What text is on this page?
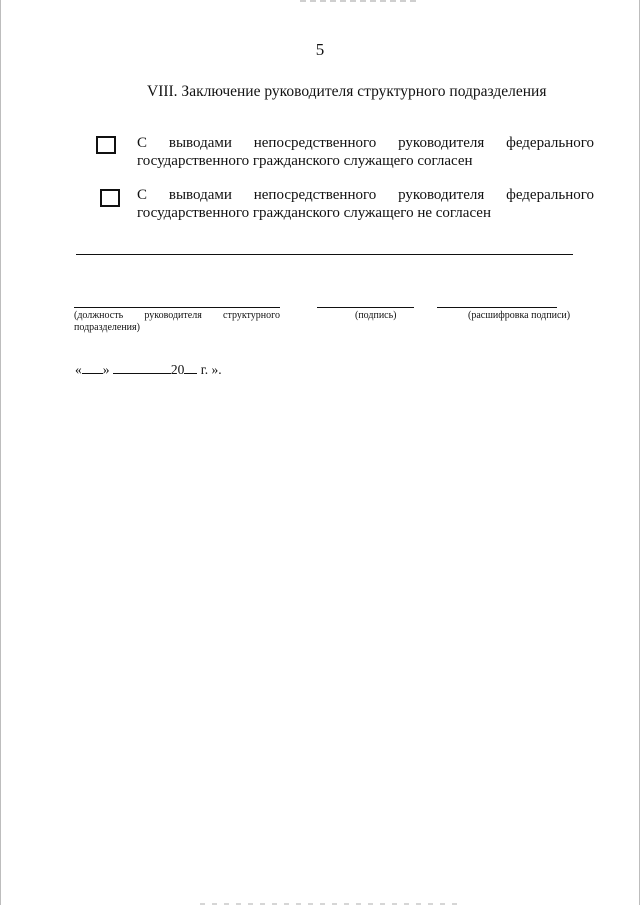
5
VIII. Заключение руководителя структурного подразделения
С выводами непосредственного руководителя федерального
государственного гражданского служащего согласен
С выводами непосредственного руководителя федерального
государственного гражданского служащего не согласен
(должность руководителя структурного
подразделения)
(подпись)	(расшифровка подписи)
« »	20 г. ».
